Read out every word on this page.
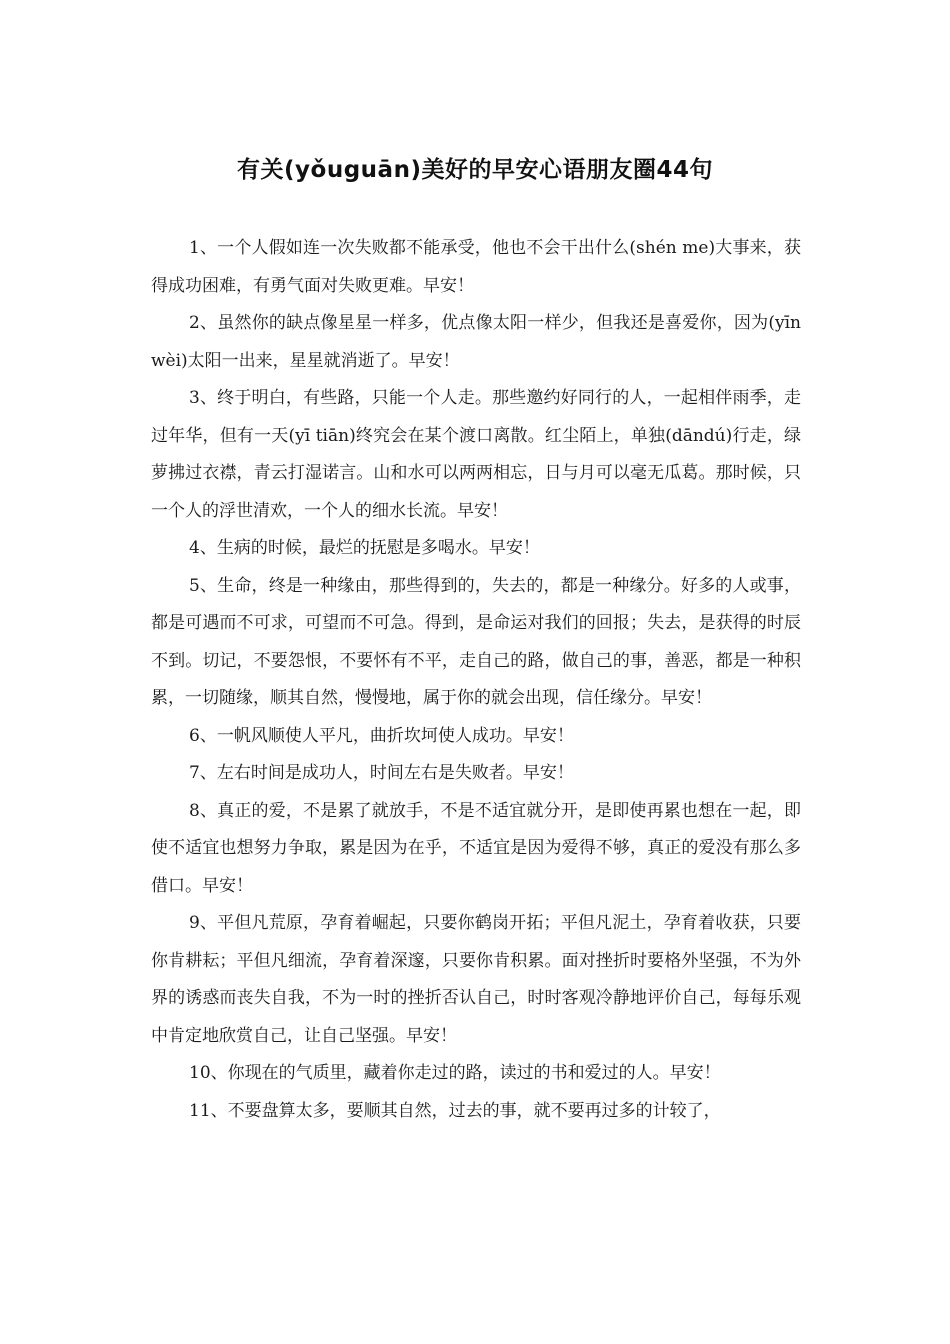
有关(yǒuguān)美好的早安心语朋友圈44句

1、一个人假如连一次失败都不能承受，他也不会干出什么(shén me)大事来，获得成功困难，有勇气面对失败更难。早安！

2、虽然你的缺点像星星一样多，优点像太阳一样少，但我还是喜爱你，因为(yīn wèi)太阳一出来，星星就消逝了。早安！

3、终于明白，有些路，只能一个人走。那些邀约好同行的人，一起相伴雨季，走过年华，但有一天(yī tiān)终究会在某个渡口离散。红尘陌上，单独(dāndú)行走，绿萝拂过衣襟，青云打湿诺言。山和水可以两两相忘，日与月可以毫无瓜葛。那时候，只一个人的浮世清欢，一个人的细水长流。早安！

4、生病的时候，最烂的抚慰是多喝水。早安！

5、生命，终是一种缘由，那些得到的，失去的，都是一种缘分。好多的人或事，都是可遇而不可求，可望而不可急。得到，是命运对我们的回报；失去，是获得的时辰不到。切记，不要怨恨，不要怀有不平，走自己的路，做自己的事，善恶，都是一种积累，一切随缘，顺其自然，慢慢地，属于你的就会出现，信任缘分。早安！

6、一帆风顺使人平凡，曲折坎坷使人成功。早安！

7、左右时间是成功人，时间左右是失败者。早安！

8、真正的爱，不是累了就放手，不是不适宜就分开，是即使再累也想在一起，即使不适宜也想努力争取，累是因为在乎，不适宜是因为爱得不够，真正的爱没有那么多借口。早安！

9、平但凡荒原，孕育着崛起，只要你鹤岗开拓；平但凡泥土，孕育着收获，只要你肯耕耘；平但凡细流，孕育着深邃，只要你肯积累。面对挫折时要格外坚强，不为外界的诱惑而丧失自我，不为一时的挫折否认自己，时时客观冷静地评价自己，每每乐观中肯定地欣赏自己，让自己坚强。早安！

10、你现在的气质里，藏着你走过的路，读过的书和爱过的人。早安！

11、不要盘算太多，要顺其自然，过去的事，就不要再过多的计较了，
